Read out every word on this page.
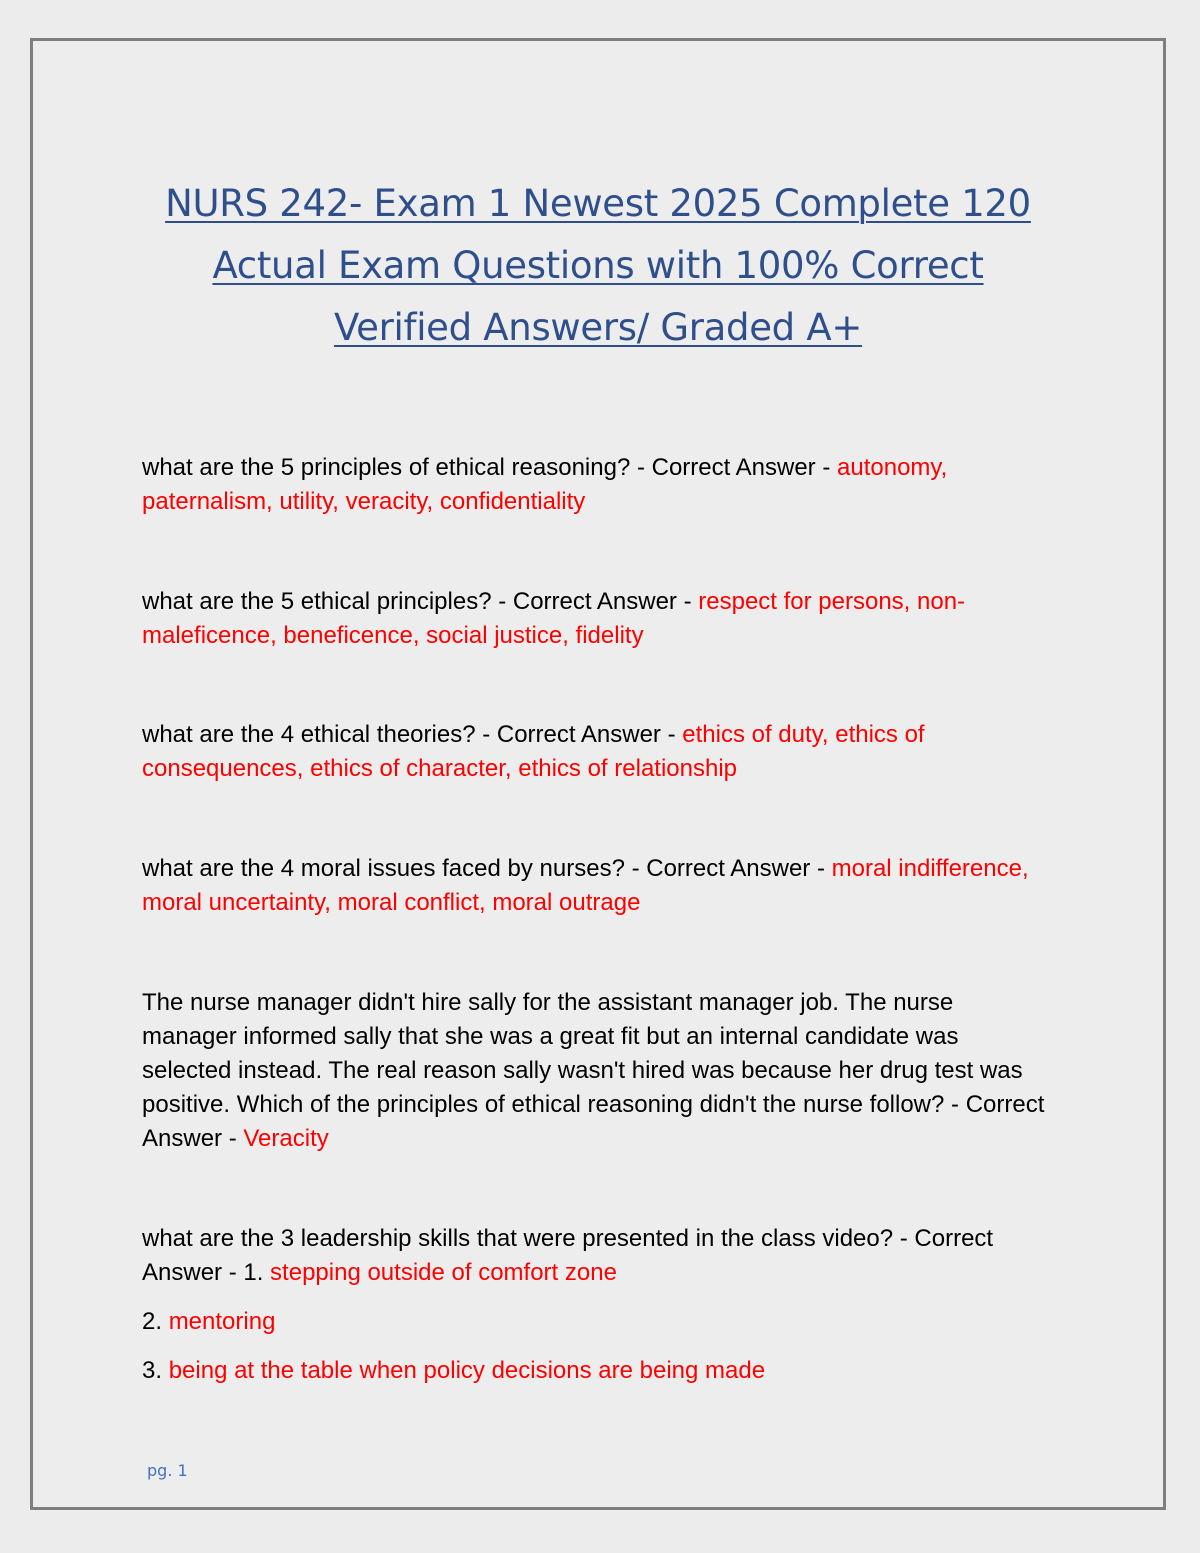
NURS 242- Exam 1 Newest 2025 Complete 120
Actual Exam Questions with 100% Correct
Verified Answers/ Graded A+
what are the 5 principles of ethical reasoning? - Correct Answer - autonomy, paternalism, utility, veracity, confidentiality
what are the 5 ethical principles? - Correct Answer - respect for persons, non-maleficence, beneficence, social justice, fidelity
what are the 4 ethical theories? - Correct Answer - ethics of duty, ethics of consequences, ethics of character, ethics of relationship
what are the 4 moral issues faced by nurses? - Correct Answer - moral indifference, moral uncertainty, moral conflict, moral outrage
The nurse manager didn't hire sally for the assistant manager job. The nurse manager informed sally that she was a great fit but an internal candidate was selected instead. The real reason sally wasn't hired was because her drug test was positive. Which of the principles of ethical reasoning didn't the nurse follow? - Correct Answer - Veracity
what are the 3 leadership skills that were presented in the class video? - Correct Answer - 1. stepping outside of comfort zone
2. mentoring
3. being at the table when policy decisions are being made
pg. 1
